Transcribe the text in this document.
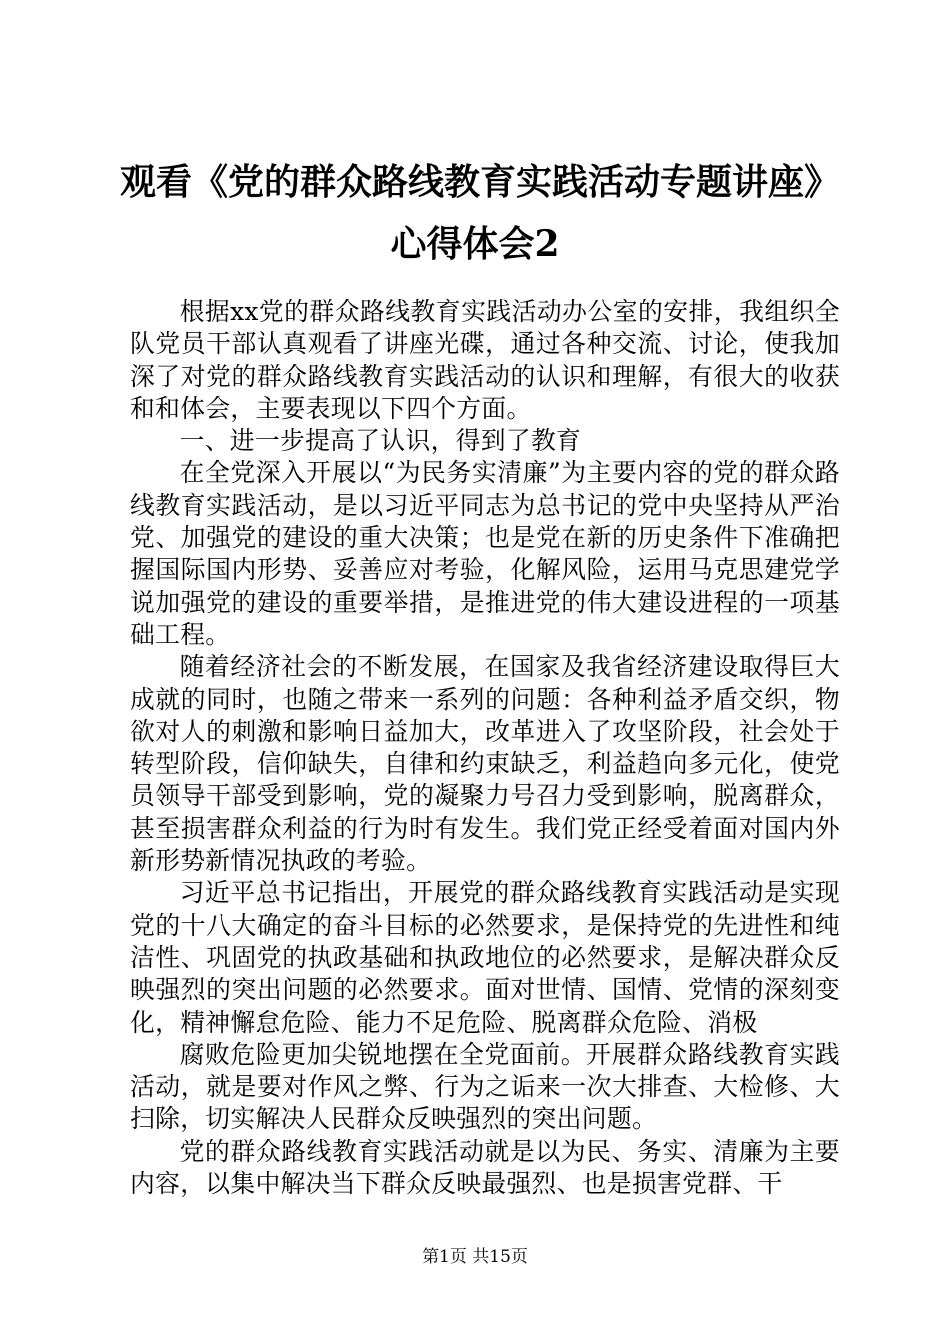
观看《党的群众路线教育实践活动专题讲座》
心得体会2

根据xx党的群众路线教育实践活动办公室的安排，我组织全队党员干部认真观看了讲座光碟，通过各种交流、讨论，使我加深了对党的群众路线教育实践活动的认识和理解，有很大的收获和和体会，主要表现以下四个方面。

一、进一步提高了认识，得到了教育

在全党深入开展以“为民务实清廉”为主要内容的党的群众路线教育实践活动，是以习近平同志为总书记的党中央坚持从严治党、加强党的建设的重大决策；也是党在新的历史条件下准确把握国际国内形势、妥善应对考验，化解风险，运用马克思建党学说加强党的建设的重要举措，是推进党的伟大建设进程的一项基础工程。

随着经济社会的不断发展，在国家及我省经济建设取得巨大成就的同时，也随之带来一系列的问题：各种利益矛盾交织，物欲对人的刺激和影响日益加大，改革进入了攻坚阶段，社会处于转型阶段，信仰缺失，自律和约束缺乏，利益趋向多元化，使党员领导干部受到影响，党的凝聚力号召力受到影响，脱离群众，甚至损害群众利益的行为时有发生。我们党正经受着面对国内外新形势新情况执政的考验。

习近平总书记指出，开展党的群众路线教育实践活动是实现党的十八大确定的奋斗目标的必然要求，是保持党的先进性和纯洁性、巩固党的执政基础和执政地位的必然要求，是解决群众反映强烈的突出问题的必然要求。面对世情、国情、党情的深刻变化，精神懈怠危险、能力不足危险、脱离群众危险、消极

腐败危险更加尖锐地摆在全党面前。开展群众路线教育实践活动，就是要对作风之弊、行为之诟来一次大排查、大检修、大扫除，切实解决人民群众反映强烈的突出问题。

党的群众路线教育实践活动就是以为民、务实、清廉为主要内容，以集中解决当下群众反映最强烈、也是损害党群、干

第1页 共15页
